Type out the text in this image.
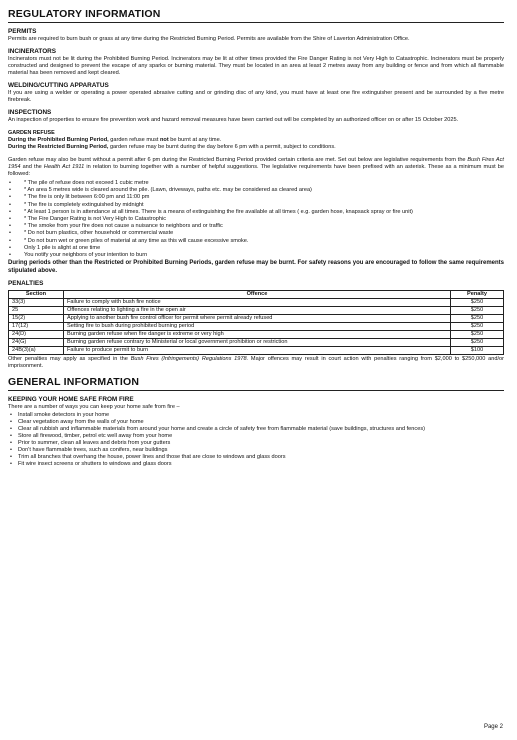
REGULATORY INFORMATION
PERMITS

Permits are required to burn bush or grass at any time during the Restricted Burning Period. Permits are available from the Shire of Laverton Administration Office.

INCINERATORS

Incinerators must not be lit during the Prohibited Burning Period. Incinerators may be lit at other times provided the Fire Danger Rating is not Very High to Catastrophic. Incinerators must be properly constructed and designed to prevent the escape of any sparks or burning material. They must be located in an area at least 2 metres away from any building or fence and from which all flammable material has been removed and kept cleared.

WELDING/CUTTING APPARATUS

If you are using a welder or operating a power operated abrasive cutting and or grinding disc of any kind, you must have at least one fire extinguisher present and be surrounded by a five metre firebreak.

INSPECTIONS

An inspection of properties to ensure fire prevention work and hazard removal measures have been carried out will be completed by an authorized officer on or after 15 October 2025.

GARDEN REFUSE

During the Prohibited Burning Period, garden refuse must not be burnt at any time.

During the Restricted Burning Period, garden refuse may be burnt during the day before 6 pm with a permit, subject to conditions.

Garden refuse may also be burnt without a permit after 6 pm during the Restricted Burning Period provided certain criteria are met. Set out below are legislative requirements from the Bush Fires Act 1954 and the Health Act 1911 in relation to burning together with a number of helpful suggestions. The legislative requirements have been prefixed with an asterisk. These as a minimum must be followed:

• * The pile of refuse does not exceed 1 cubic metre
• * An area 5 metres wide is cleared around the pile. (Lawn, driveways, paths etc. may be considered as cleared area)
• * The fire is only lit between 6:00 pm and 11:00 pm
• * The fire is completely extinguished by midnight
• * At least 1 person is in attendance at all times. There is a means of extinguishing the fire available at all times ( e.g. garden hose, knapsack spray or fire unit)
• * The Fire Danger Rating is not Very High to Catastrophic
• * The smoke from your fire does not cause a nuisance to neighbors and or traffic
• * Do not burn plastics, other household or commercial waste
• * Do not burn wet or green piles of material at any time as this will cause excessive smoke.
• Only 1 pile is alight at one time
• You notify your neighbors of your intention to burn

During periods other than the Restricted or Prohibited Burning Periods, garden refuse may be burnt. For safety reasons you are encouraged to follow the same requirements stipulated above.

PENALTIES
Section	Offence	Penalty
33(3)	Failure to comply with bush fire notice	$250
25	Offences relating to lighting a fire in the open air	$250
15(2)	Applying to another bush fire control officer for permit where permit already refused	$250
17(12)	Setting fire to bush during prohibited burning period	$250
24(D)	Burning garden refuse when fire danger is extreme or very high	$250
24(G)	Burning garden refuse contrary to Ministerial or local government prohibition or restriction	$250
24B(3)(a)	Failure to produce permit to burn	$100

Other penalties may apply as specified in the Bush Fires (Infringements) Regulations 1978. Major offences may result in court action with penalties ranging from $2,000 to $250,000 and/or imprisonment.

GENERAL INFORMATION
KEEPING YOUR HOME SAFE FROM FIRE

There are a number of ways you can keep your home safe from fire –

• Install smoke detectors in your home
• Clear vegetation away from the walls of your home
• Clear all rubbish and inflammable materials from around your home and create a circle of safety free from flammable material (save buildings, structures and fences)
• Store all firewood, timber, petrol etc well away from your home
• Prior to summer, clean all leaves and debris from your gutters
• Don't have flammable trees, such as conifers, near buildings
• Trim all branches that overhang the house, power lines and those that are close to windows and glass doors
• Fit wire insect screens or shutters to windows and glass doors
Page 2
